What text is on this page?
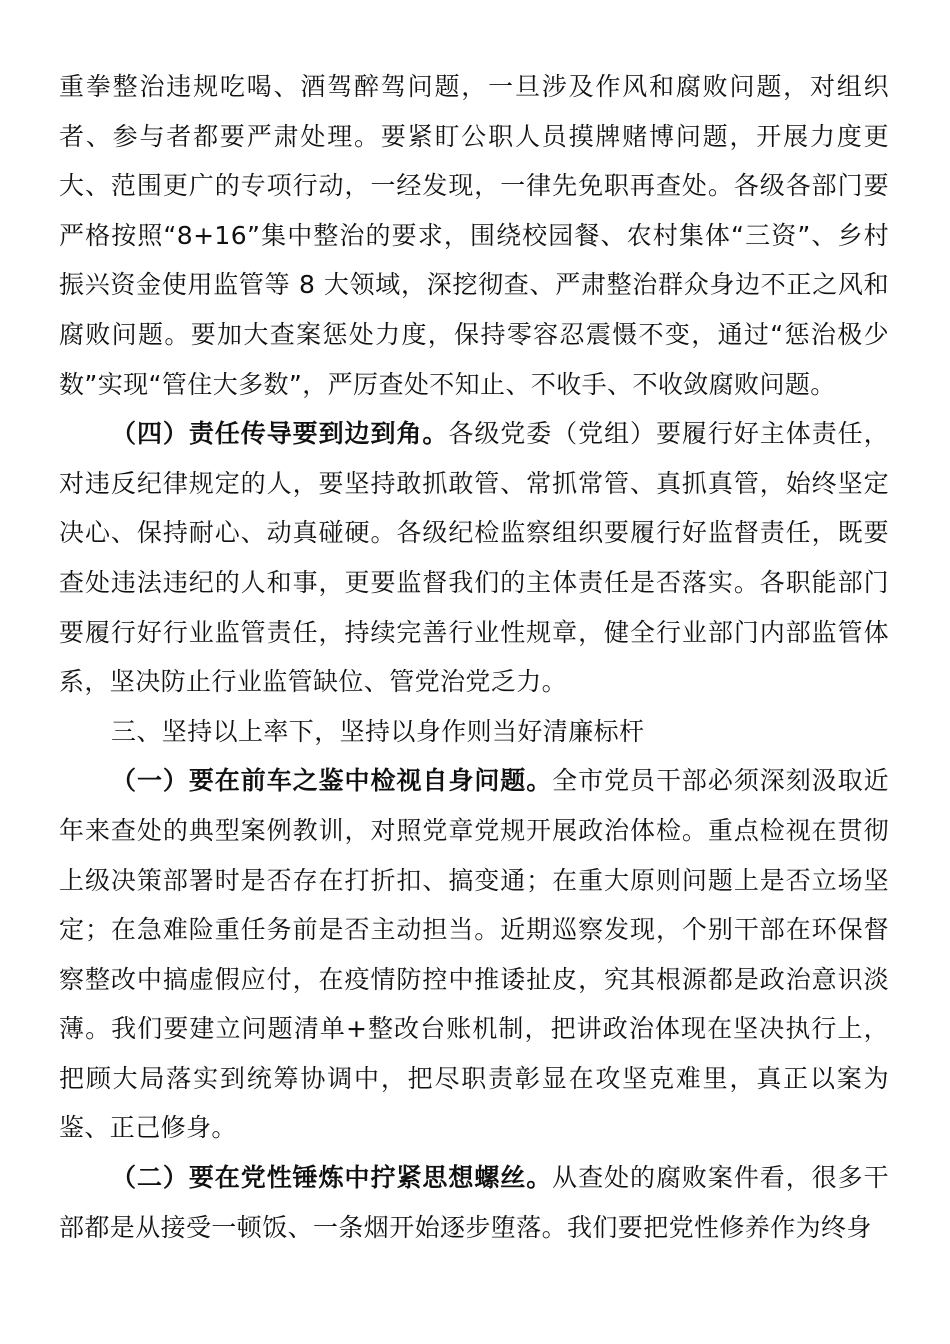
重拳整治违规吃喝、酒驾醉驾问题，一旦涉及作风和腐败问题，对组织者、参与者都要严肃处理。要紧盯公职人员摸牌赌博问题，开展力度更大、范围更广的专项行动，一经发现，一律先免职再查处。各级各部门要严格按照“8+16”集中整治的要求，围绕校园餐、农村集体“三资”、乡村振兴资金使用监管等 8 大领域，深挖彻查、严肃整治群众身边不正之风和腐败问题。要加大查案惩处力度，保持零容忍震慑不变，通过“惩治极少数”实现“管住大多数”，严厉查处不知止、不收手、不收敛腐败问题。

（四）责任传导要到边到角。各级党委（党组）要履行好主体责任，对违反纪律规定的人，要坚持敢抓敢管、常抓常管、真抓真管，始终坚定决心、保持耐心、动真碰硬。各级纪检监察组织要履行好监督责任，既要查处违法违纪的人和事，更要监督我们的主体责任是否落实。各职能部门要履行好行业监管责任，持续完善行业性规章，健全行业部门内部监管体系，坚决防止行业监管缺位、管党治党乏力。

三、坚持以上率下，坚持以身作则当好清廉标杆

（一）要在前车之鉴中检视自身问题。全市党员干部必须深刻汲取近年来查处的典型案例教训，对照党章党规开展政治体检。重点检视在贯彻上级决策部署时是否存在打折扣、搞变通；在重大原则问题上是否立场坚定；在急难险重任务前是否主动担当。近期巡察发现，个别干部在环保督察整改中搞虚假应付，在疫情防控中推诿扯皮，究其根源都是政治意识淡薄。我们要建立问题清单+整改台账机制，把讲政治体现在坚决执行上，把顾大局落实到统筹协调中，把尽职责彰显在攻坚克难里，真正以案为鉴、正己修身。

（二）要在党性锤炼中拧紧思想螺丝。从查处的腐败案件看，很多干部都是从接受一顿饭、一条烟开始逐步堕落。我们要把党性修养作为终身
